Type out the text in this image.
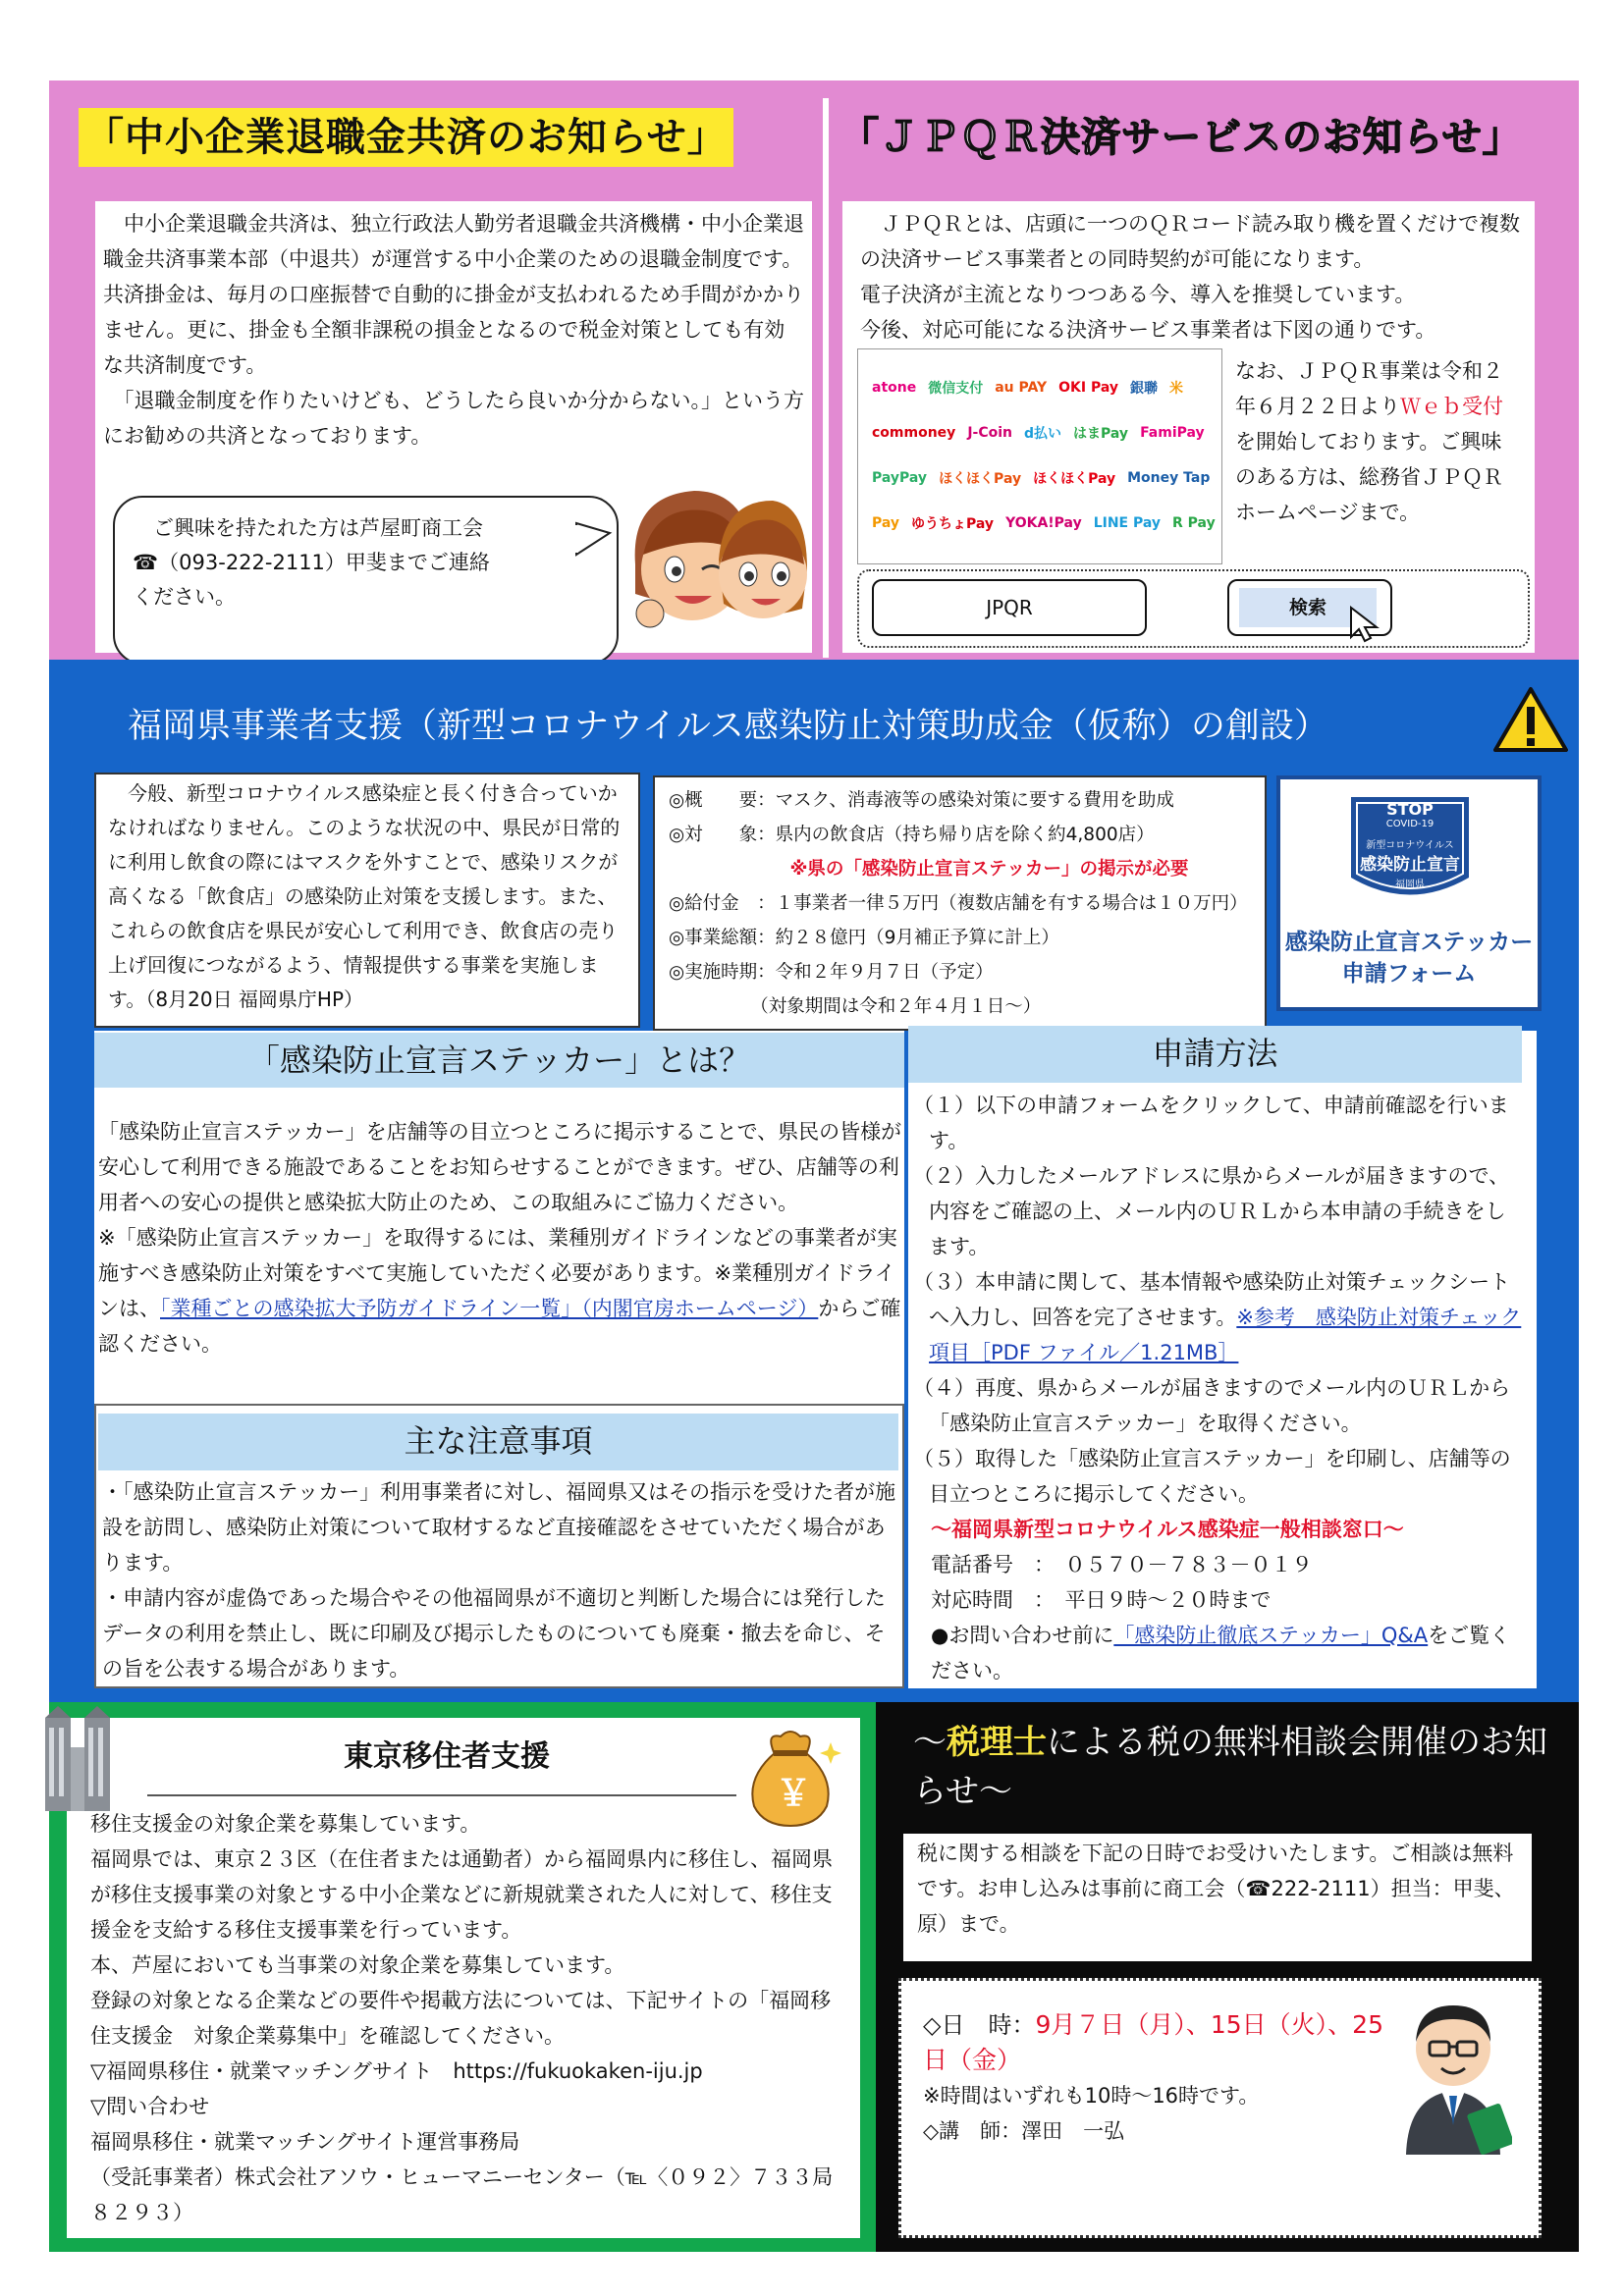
「中小企業退職金共済のお知らせ」	「ＪＰＱＲ決済サービスのお知らせ」

　中小企業退職金共済は、独立行政法人勤労者退職金共済機構・中小企業退職金共済事業本部（中退共）が運営する中小企業のための退職金制度です。共済掛金は、毎月の口座振替で自動的に掛金が支払われるため手間がかかりません。更に、掛金も全額非課税の損金となるので税金対策としても有効な共済制度です。

　「退職金制度を作りたいけども、どうしたら良いか分からない。」という方にお勧めの共済となっております。

　ご興味を持たれた方は芦屋町商工会

☎（093-222-2111）甲斐までご連絡

ください。

　ＪＰＱＲとは、店頭に一つのＱＲコード読み取り機を置くだけで複数の決済サービス事業者との同時契約が可能になります。

電子決済が主流となりつつある今、導入を推奨しています。

今後、対応可能になる決済サービス事業者は下図の通りです。

atone 微信支付 au PAY OKI Pay 銀聯 米
commoney J-Coin d払い はまPay FamiPay
PayPay ほくほくPay ほくほくPay Money Tap
Pay ゆうちょPay YOKA!Pay LINE Pay R Pay
なお、ＪＰＱＲ事業は令和２年６月２２日よりＷｅｂ受付を開始しております。ご興味のある方は、総務省ＪＰＱＲホームページまで。
JPQR	検索
福岡県事業者支援（新型コロナウイルス感染防止対策助成金（仮称）の創設）

　今般、新型コロナウイルス感染症と長く付き合っていかなければなりません。このような状況の中、県民が日常的に利用し飲食の際にはマスクを外すことで、感染リスクが高くなる「飲食店」の感染防止対策を支援します。また、これらの飲食店を県民が安心して利用でき、飲食店の売り上げ回復につながるよう、情報提供する事業を実施します。（8月20日 福岡県庁HP）

◎概　　要：マスク、消毒液等の感染対策に要する費用を助成

◎対　　象：県内の飲食店（持ち帰り店を除く約4,800店）

※県の「感染防止宣言ステッカー」の掲示が必要

◎給付金　：１事業者一律５万円（複数店舗を有する場合は１０万円）

◎事業総額：約２８億円（9月補正予算に計上）

◎実施時期：令和２年９月７日（予定）

　　　　　（対象期間は令和２年４月１日～）

STOP
COVID-19
新型コロナウイルス
感染防止宣言
福岡県
感染防止宣言ステッカー
申請フォーム
「感染防止宣言ステッカー」とは？

「感染防止宣言ステッカー」を店舗等の目立つところに掲示することで、県民の皆様が安心して利用できる施設であることをお知らせすることができます。ぜひ、店舗等の利用者への安心の提供と感染拡大防止のため、この取組みにご協力ください。

※「感染防止宣言ステッカー」を取得するには、業種別ガイドラインなどの事業者が実施すべき感染防止対策をすべて実施していただく必要があります。※業種別ガイドラインは、「業種ごとの感染拡大予防ガイドライン一覧」（内閣官房ホームページ）からご確認ください。

主な注意事項

・「感染防止宣言ステッカー」利用事業者に対し、福岡県又はその指示を受けた者が施設を訪問し、感染防止対策について取材するなど直接確認をさせていただく場合があります。

・申請内容が虚偽であった場合やその他福岡県が不適切と判断した場合には発行したデータの利用を禁止し、既に印刷及び掲示したものについても廃棄・撤去を命じ、その旨を公表する場合があります。

申請方法

（１）以下の申請フォームをクリックして、申請前確認を行います。

（２）入力したメールアドレスに県からメールが届きますので、内容をご確認の上、メール内のＵＲＬから本申請の手続きをします。

（３）本申請に関して、基本情報や感染防止対策チェックシートへ入力し、回答を完了させます。※参考　感染防止対策チェック項目［PDF ファイル／1.21MB］

（４）再度、県からメールが届きますのでメール内のＵＲＬから「感染防止宣言ステッカー」を取得ください。

（５）取得した「感染防止宣言ステッカー」を印刷し、店舗等の目立つところに掲示してください。

～福岡県新型コロナウイルス感染症一般相談窓口～

電話番号　：　０５７０－７８３－０１９

対応時間　：　平日９時～２０時まで

●お問い合わせ前に「感染防止徹底ステッカー」Q&Aをご覧ください。

東京移住者支援
￥

移住支援金の対象企業を募集しています。

福岡県では、東京２３区（在住者または通勤者）から福岡県内に移住し、福岡県が移住支援事業の対象とする中小企業などに新規就業された人に対して、移住支援金を支給する移住支援事業を行っています。

本、芦屋においても当事業の対象企業を募集しています。

登録の対象となる企業などの要件や掲載方法については、下記サイトの「福岡移住支援金　対象企業募集中」を確認してください。

▽福岡県移住・就業マッチングサイト　https://fukuokaken-iju.jp

▽問い合わせ

福岡県移住・就業マッチングサイト運営事務局

（受託事業者）株式会社アソウ・ヒューマニーセンター（℡〈０９２〉７３３局８２９３）

～税理士による税の無料相談会開催のお知らせ～

税に関する相談を下記の日時でお受けいたします。ご相談は無料です。お申し込みは事前に商工会（☎222-2111）担当：甲斐、原）まで。

◇日　時：9月７日（月）、15日（火）、25日（金）

※時間はいずれも10時～16時です。

◇講　師：澤田　一弘
